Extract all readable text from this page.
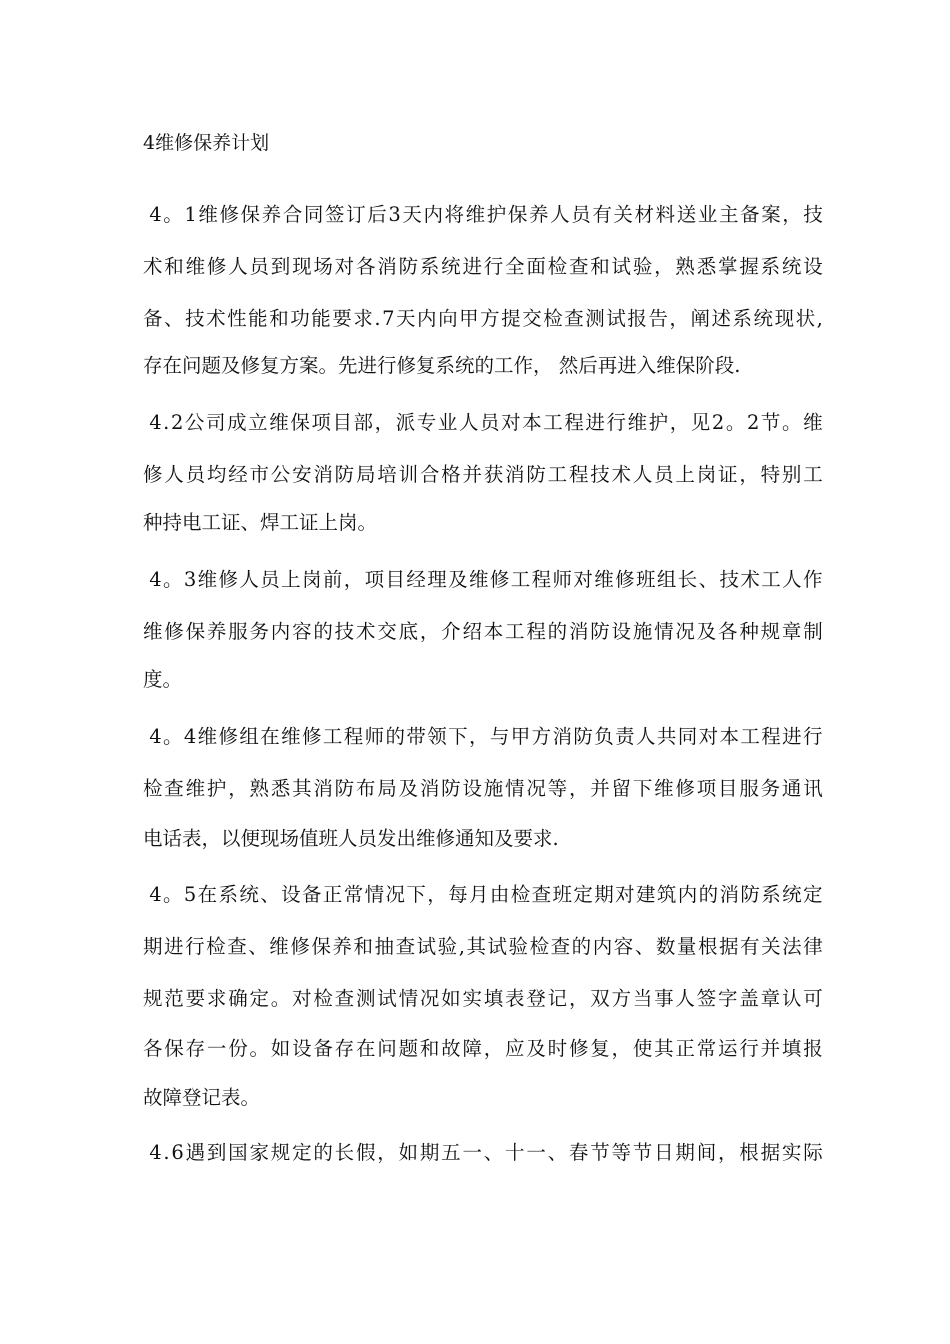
4维修保养计划
4 。 1 维 修 保 养 合 同 签 订 后 3 天 内 将 维 护 保 养 人 员 有 关 材 料 送 业 主 备 案 ， 技
术 和 维 修 人 员 到 现 场 对 各 消 防 系 统 进 行 全 面 检 查 和 试 验 ， 熟 悉 掌 握 系 统 设
备 、 技 术 性 能 和 功 能 要 求 . 7 天 内 向 甲 方 提 交 检 查 测 试 报 告 ， 阐 述 系 统 现 状 ,
存在问题及修复方案。先进行修复系统的工作， 然后再进入维保阶段.
4 . 2 公 司 成 立 维 保 项 目 部 ， 派 专 业 人 员 对 本 工 程 进 行 维 护 ， 见 2 。 2 节 。 维
修 人 员 均 经 市 公 安 消 防 局 培 训 合 格 并 获 消 防 工 程 技 术 人 员 上 岗 证 ， 特 别 工
种持电工证、焊工证上岗。
4 。 3 维 修 人 员 上 岗 前 ， 项 目 经 理 及 维 修 工 程 师 对 维 修 班 组 长 、 技 术 工 人 作
维 修 保 养 服 务 内 容 的 技 术 交 底 ， 介 绍 本 工 程 的 消 防 设 施 情 况 及 各 种 规 章 制
度。
4 。 4 维 修 组 在 维 修 工 程 师 的 带 领 下 ， 与 甲 方 消 防 负 责 人 共 同 对 本 工 程 进 行
检 查 维 护 ， 熟 悉 其 消 防 布 局 及 消 防 设 施 情 况 等 ， 并 留 下 维 修 项 目 服 务 通 讯
电话表，以便现场值班人员发出维修通知及要求.
4 。 5 在 系 统 、 设 备 正 常 情 况 下 ， 每 月 由 检 查 班 定 期 对 建 筑 内 的 消 防 系 统 定
期 进 行 检 查 、 维 修 保 养 和 抽 查 试 验 , 其 试 验 检 查 的 内 容 、 数 量 根 据 有 关 法 律
规 范 要 求 确 定 。 对 检 查 测 试 情 况 如 实 填 表 登 记 ， 双 方 当 事 人 签 字 盖 章 认 可
各 保 存 一 份 。 如 设 备 存 在 问 题 和 故 障 ， 应 及 时 修 复 ， 使 其 正 常 运 行 并 填 报
故障登记表。
4 . 6 遇 到 国 家 规 定 的 长 假 ， 如 期 五 一 、 十 一 、 春 节 等 节 日 期 间 ， 根 据 实 际
